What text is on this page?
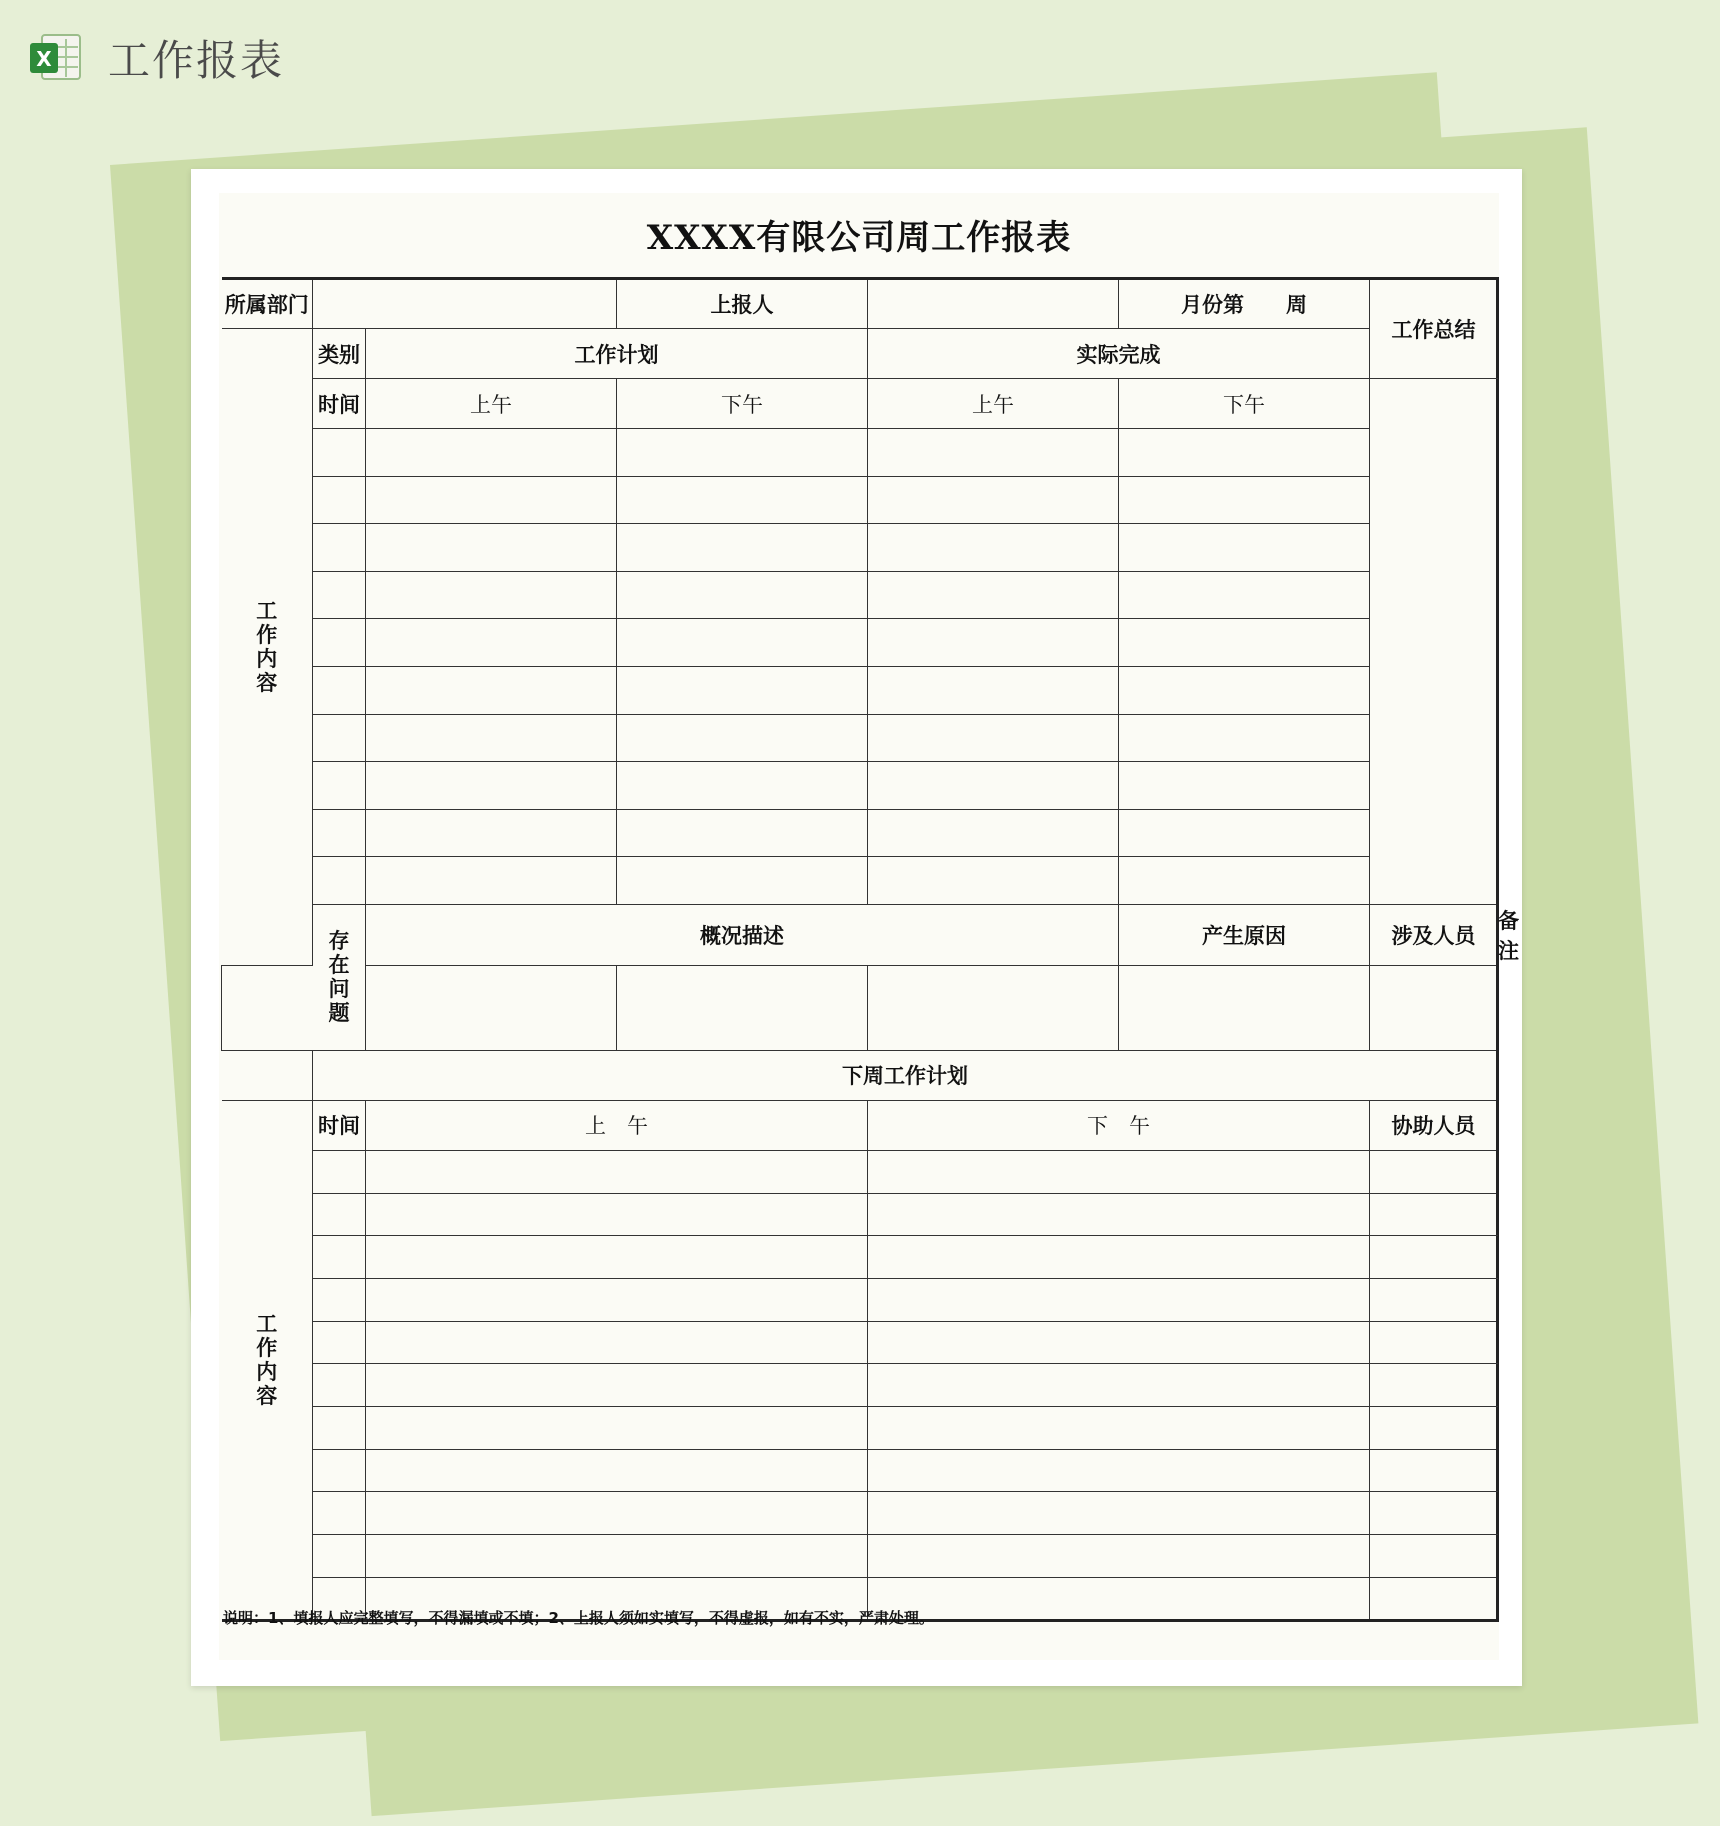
X 工作报表
XXXX有限公司周工作报表
所属部门			上报人		月份第　　周	工作总结	
工作内容	类别	工作计划		实际完成			
	时间	上午	下午	上午	下午		

	存在问题	概况描述			产生原因	涉及人员	备注

	下周工作计划						
工作内容	时间	上　午		下　午		协助人员	

说明：1、填报人应完整填写，不得漏填或不填；2、上报人须如实填写，不得虚报，如有不实，严肃处理。
